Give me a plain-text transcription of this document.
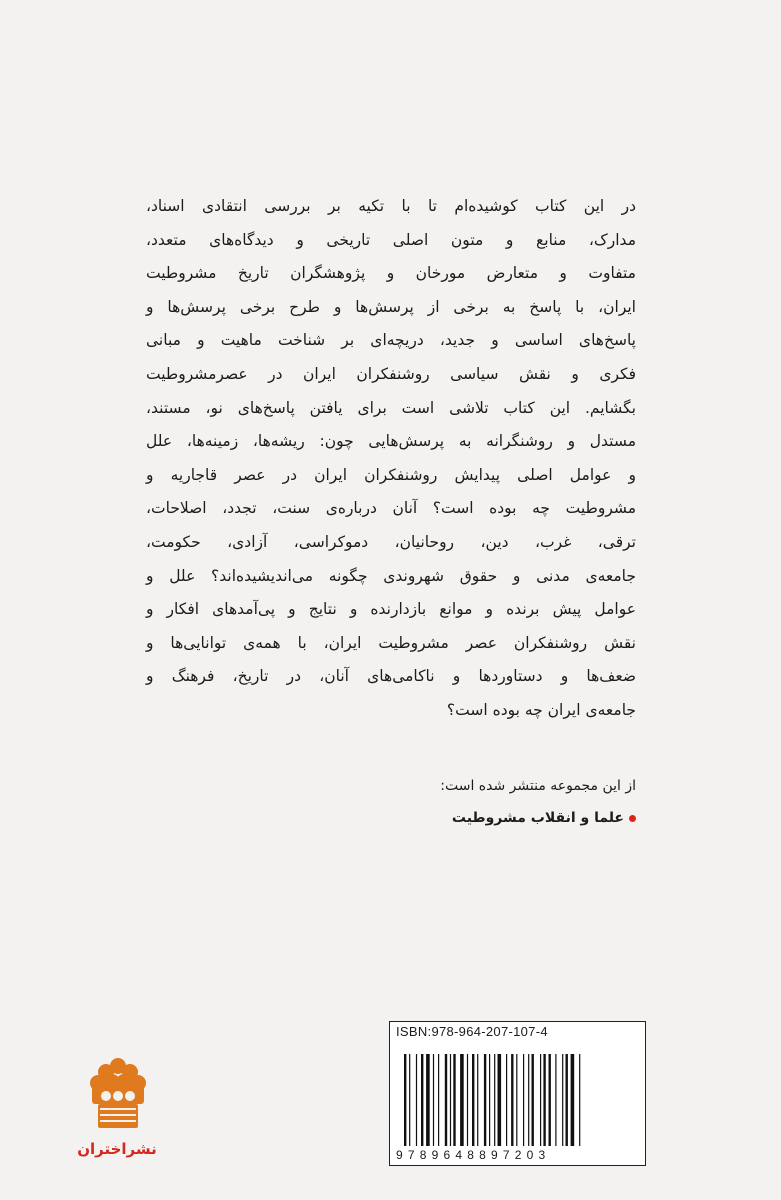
در این کتاب کوشیده‌ام تا با تکیه بر بررسی انتقادی اسناد،
مدارک، منابع و متون اصلی تاریخی و دیدگاه‌های متعدد،
متفاوت و متعارض مورخان و پژوهشگران تاریخ مشروطیت
ایران، با پاسخ به برخی از پرسش‌ها و طرح برخی پرسش‌ها و
پاسخ‌های اساسی و جدید، دریچه‌ای بر شناخت ماهیت و مبانی
فکری و نقش سیاسی روشنفکران ایران در عصرمشروطیت
بگشایم. این کتاب تلاشی است برای یافتن پاسخ‌های نو، مستند،
مستدل و روشنگرانه به پرسش‌هایی چون: ریشه‌ها، زمینه‌ها، علل
و عوامل اصلی پیدایش روشنفکران ایران در عصر قاجاریه و
مشروطیت چه بوده است؟ آنان درباره‌ی سنت، تجدد، اصلاحات،
ترقی، غرب، دین، روحانیان، دموکراسی، آزادی، حکومت،
جامعه‌ی مدنی و حقوق شهروندی چگونه می‌اندیشیده‌اند؟ علل و
عوامل پیش برنده و موانع بازدارنده و نتایج و پی‌آمدهای افکار و
نقش روشنفکران عصر مشروطیت ایران، با همه‌ی توانایی‌ها و
ضعف‌ها و دستاوردها و ناکامی‌های آنان، در تاریخ، فرهنگ و
جامعه‌ی ایران چه بوده است؟
از این مجموعه منتشر شده است:
علما و انقلاب مشروطیت
ISBN:978-964-207-107-4
9789648897203
نشراختران
